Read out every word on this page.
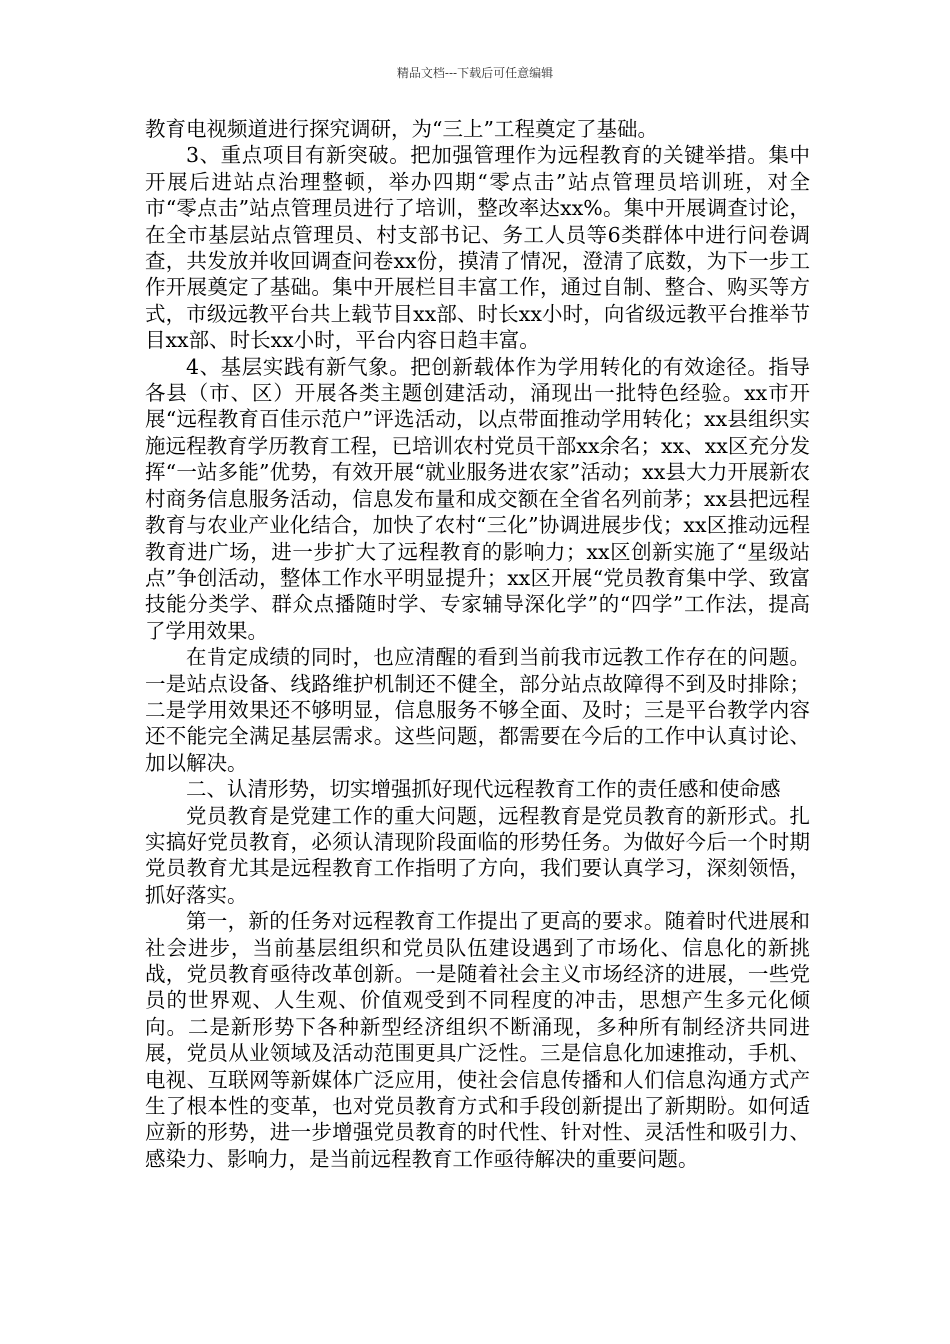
精品文档---下载后可任意编辑

教育电视频道进行探究调研，为“三上”工程奠定了基础。

3、重点项目有新突破。把加强管理作为远程教育的关键举措。集中开展后进站点治理整顿，举办四期“零点击”站点管理员培训班，对全市“零点击”站点管理员进行了培训，整改率达xx%。集中开展调查讨论，在全市基层站点管理员、村支部书记、务工人员等6类群体中进行问卷调查，共发放并收回调查问卷xx份，摸清了情况，澄清了底数，为下一步工作开展奠定了基础。集中开展栏目丰富工作，通过自制、整合、购买等方式，市级远教平台共上载节目xx部、时长xx小时，向省级远教平台推举节目xx部、时长xx小时，平台内容日趋丰富。

4、基层实践有新气象。把创新载体作为学用转化的有效途径。指导各县（市、区）开展各类主题创建活动，涌现出一批特色经验。xx市开展“远程教育百佳示范户”评选活动，以点带面推动学用转化；xx县组织实施远程教育学历教育工程，已培训农村党员干部xx余名；xx、xx区充分发挥“一站多能”优势，有效开展“就业服务进农家”活动；xx县大力开展新农村商务信息服务活动，信息发布量和成交额在全省名列前茅；xx县把远程教育与农业产业化结合，加快了农村“三化”协调进展步伐；xx区推动远程教育进广场，进一步扩大了远程教育的影响力；xx区创新实施了“星级站点”争创活动，整体工作水平明显提升；xx区开展“党员教育集中学、致富技能分类学、群众点播随时学、专家辅导深化学”的“四学”工作法，提高了学用效果。

在肯定成绩的同时，也应清醒的看到当前我市远教工作存在的问题。一是站点设备、线路维护机制还不健全，部分站点故障得不到及时排除；二是学用效果还不够明显，信息服务不够全面、及时；三是平台教学内容还不能完全满足基层需求。这些问题，都需要在今后的工作中认真讨论、加以解决。

二、认清形势，切实增强抓好现代远程教育工作的责任感和使命感

党员教育是党建工作的重大问题，远程教育是党员教育的新形式。扎实搞好党员教育，必须认清现阶段面临的形势任务。为做好今后一个时期党员教育尤其是远程教育工作指明了方向，我们要认真学习，深刻领悟，抓好落实。

第一，新的任务对远程教育工作提出了更高的要求。随着时代进展和社会进步，当前基层组织和党员队伍建设遇到了市场化、信息化的新挑战，党员教育亟待改革创新。一是随着社会主义市场经济的进展，一些党员的世界观、人生观、价值观受到不同程度的冲击，思想产生多元化倾向。二是新形势下各种新型经济组织不断涌现，多种所有制经济共同进展，党员从业领域及活动范围更具广泛性。三是信息化加速推动，手机、电视、互联网等新媒体广泛应用，使社会信息传播和人们信息沟通方式产生了根本性的变革，也对党员教育方式和手段创新提出了新期盼。如何适应新的形势，进一步增强党员教育的时代性、针对性、灵活性和吸引力、感染力、影响力，是当前远程教育工作亟待解决的重要问题。
